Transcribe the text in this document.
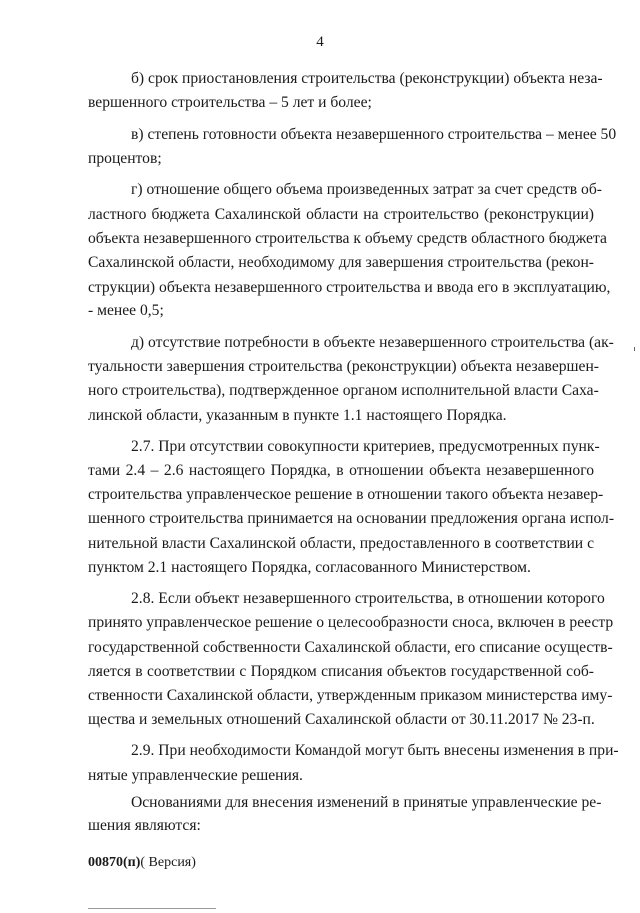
4
б) срок приостановления строительства (реконструкции) объекта неза-
вершенного строительства – 5 лет и более;
в) степень готовности объекта незавершенного строительства – менее 50
процентов;
г) отношение общего объема произведенных затрат за счет средств об-
ластного бюджета Сахалинской области на строительство (реконструкции)
объекта незавершенного строительства к объему средств областного бюджета
Сахалинской области, необходимому для завершения строительства (рекон-
струкции) объекта незавершенного строительства и ввода его в эксплуатацию,
- менее 0,5;
д) отсутствие потребности в объекте незавершенного строительства (ак-
туальности завершения строительства (реконструкции) объекта незавершен-
ного строительства), подтвержденное органом исполнительной власти Саха-
линской области, указанным в пункте 1.1 настоящего Порядка.
2.7. При отсутствии совокупности критериев, предусмотренных пунк-
тами 2.4 – 2.6 настоящего Порядка, в отношении объекта незавершенного
строительства управленческое решение в отношении такого объекта незавер-
шенного строительства принимается на основании предложения органа испол-
нительной власти Сахалинской области, предоставленного в соответствии с
пунктом 2.1 настоящего Порядка, согласованного Министерством.
2.8. Если объект незавершенного строительства, в отношении которого
принято управленческое решение о целесообразности сноса, включен в реестр
государственной собственности Сахалинской области, его списание осуществ-
ляется в соответствии с Порядком списания объектов государственной соб-
ственности Сахалинской области, утвержденным приказом министерства иму-
щества и земельных отношений Сахалинской области от 30.11.2017 № 23-п.
2.9. При необходимости Командой могут быть внесены изменения в при-
нятые управленческие решения.
00870(п)( Версия)
Основаниями для внесения изменений в принятые управленческие ре-
шения являются:
